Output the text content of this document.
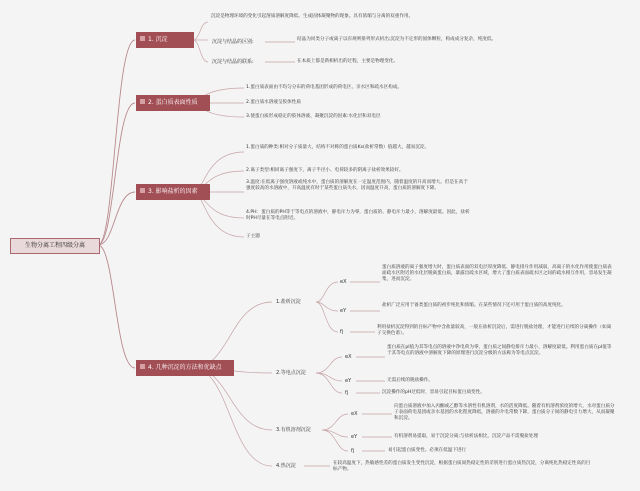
生物分离工程四级分离
1. 沉淀
沉淀是物理环境的变化引起溶质溶解度降低、生成固体凝聚物的现象。具有浓缩与分离的双重作用。
沉淀与结晶的区别:	结晶为同类分子或离子以有规则排列形式析出;沉淀为不定形的固体颗粒，构成成分复杂，纯度低。
沉淀与结晶的联系:	在本质上都是新相析出的过程，主要是物理变化。
2. 蛋白质表面性质
1.蛋白质表面由不均匀分布的荷电基团形成的荷电区、亲水区和疏水区构成。
2.蛋白质水溶液呈胶体性质
3.使蛋白质形成稳定的胶体溶液、凝聚沉淀的因素:水化层和双电层
3. 影响盐析的因素
1.蛋白质的种类:相对分子质量大，结构不对称的蛋白质Ks(盐析常数）值越大，越易沉淀。
2.离子类型:相同离子强度下，离子半径小、电荷较多的阴离子盐析效果较好。
3.温度:在低离子强度溶液或纯水中，蛋白质的溶解度在一定温度范围内，随着温度的升高而增大。但是在高于强度较高的水溶液中，升高温度有时于某些蛋白质失水，因而温度升高，蛋白质的溶解度下降。
4.PH：蛋白质的PH等于等电点的溶液中，静电斥力为零，蛋白质的、静电斥力最小，溶解度最低。因此，盐析时PH尽量在等电点附近。
子主题
4. 几种沉淀的方法和优缺点
1.盐析沉淀
eX
蛋白质溶液的离子强度增大时，蛋白质表面的双电层厚度降低、静电排斥作用减弱，高离子的水化作用使蛋白质表面疏水区附近的水化层脱离蛋白质，暴露出疏水区域，增大了蛋白质表面疏水区之间的疏水相互作用，容易发生凝集，进而沉淀。
eY
盐析广泛应用于备类蛋白质的初步纯化和浓缩。在某些情况下还可用于蛋白质的高度纯化。
fj
利用盐析沉淀得到的目标产物中含盐量较高，一般在盐析沉淀后，需进行脱盐处理，才能进行后续的分离操作（如离子交换色谱）。
2.等电点沉淀
eX
蛋白质在pI值为其等电点的溶液中净电荷为零，蛋白质之间静电排斥力最小，溶解度最低。利用蛋白质在pI值等于其等电点的溶液中溶解度下降的原理进行沉淀分级的方法称为等电点沉淀。
eY	无需后续的脱盐操作。
fj	沉淀操作的pH过低时，容易引起目标蛋白质变性。
3.有机溶剂沉淀
eX
向蛋白质溶液中加入丙酮或乙醇等水溶性有机溶剂，水的活度降低。随着有机溶剂浓度的增大，水对蛋白质分子表面荷电基团或亲水基团的水化程度降低，溶液的介电常数下降，蛋白质分子间的静电引力增大，从而凝聚和沉淀。
eY	有机溶剂易提取，易于沉淀分离;与盐析法相比，沉淀产品不需脱盐处理
fj	易引起蛋白质变性。必须在低温下进行
4.热沉淀	在较高温度下，热敏感性差的蛋白质发生变性沉淀，根据蛋白质间热稳定性的差别进行蛋白质热沉淀，分离纯化热稳定性高的目标产物。
